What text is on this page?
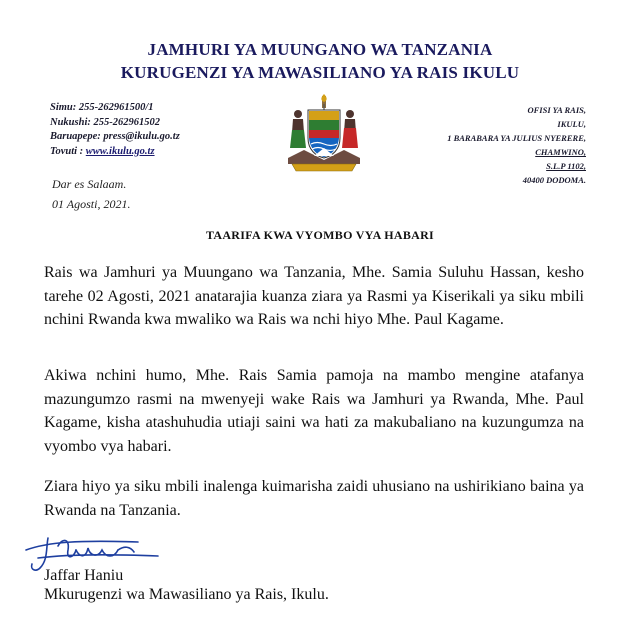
JAMHURI YA MUUNGANO WA TANZANIA
KURUGENZI YA MAWASILIANO YA RAIS IKULU
Simu: 255-262961500/1
Nukushi: 255-262961502
Baruapepe: press@ikulu.go.tz
Tovuti : www.ikulu.go.tz
OFISI YA RAIS,
IKULU,
1 BARABARA YA JULIUS NYERERE,
CHAMWINO,
S.L.P 1102,
40400 DODOMA.
Dar es Salaam.
01 Agosti, 2021.
TAARIFA KWA VYOMBO VYA HABARI

Rais wa Jamhuri ya Muungano wa Tanzania, Mhe. Samia Suluhu Hassan, kesho tarehe 02 Agosti, 2021 anatarajia kuanza ziara ya Rasmi ya Kiserikali ya siku mbili nchini Rwanda kwa mwaliko wa Rais wa nchi hiyo Mhe. Paul Kagame.

Akiwa nchini humo, Mhe. Rais Samia pamoja na mambo mengine atafanya mazungumzo rasmi na mwenyeji wake Rais wa Jamhuri ya Rwanda, Mhe. Paul Kagame, kisha atashuhudia utiaji saini wa hati za makubaliano na kuzungumza na vyombo vya habari.

Ziara hiyo ya siku mbili inalenga kuimarisha zaidi uhusiano na ushirikiano baina ya Rwanda na Tanzania.

Jaffar Haniu
Mkurugenzi wa Mawasiliano ya Rais, Ikulu.
